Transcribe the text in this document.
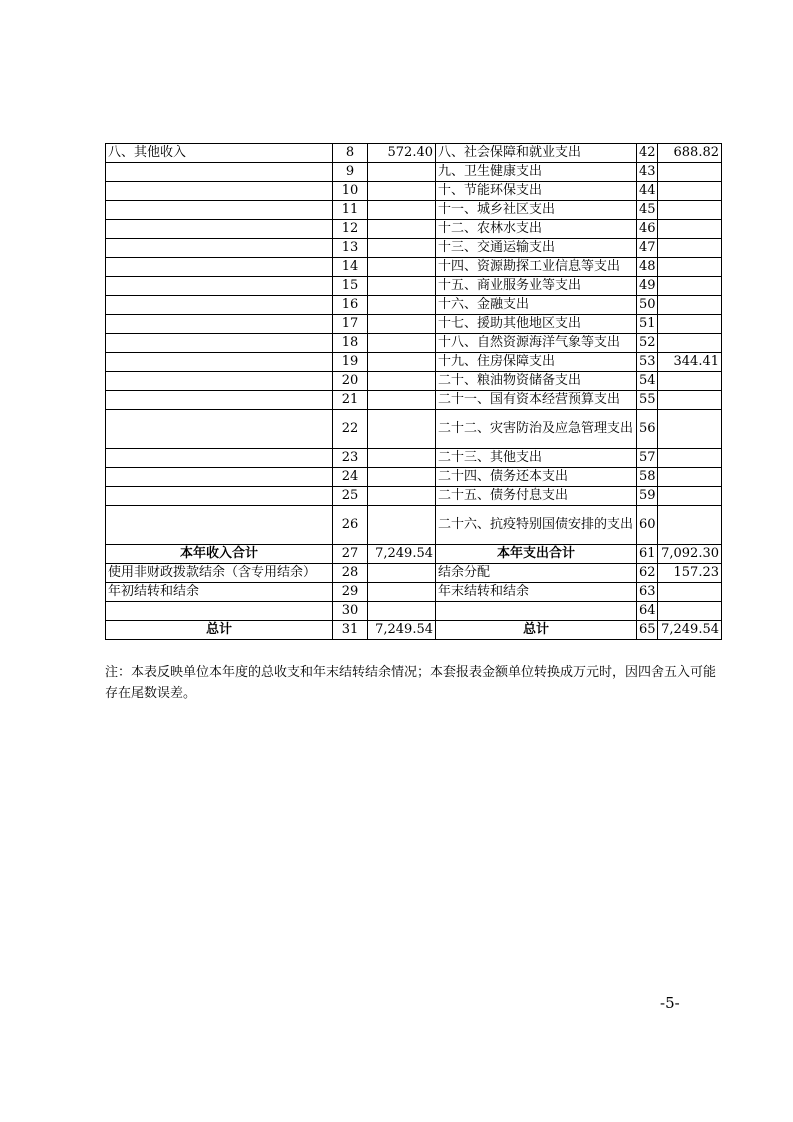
八、其他收入	8	572.40	八、社会保障和就业支出	42	688.82
	9		九、卫生健康支出	43	
	10		十、节能环保支出	44	
	11		十一、城乡社区支出	45	
	12		十二、农林水支出	46	
	13		十三、交通运输支出	47	
	14		十四、资源勘探工业信息等支出	48	
	15		十五、商业服务业等支出	49	
	16		十六、金融支出	50	
	17		十七、援助其他地区支出	51	
	18		十八、自然资源海洋气象等支出	52	
	19		十九、住房保障支出	53	344.41
	20		二十、粮油物资储备支出	54	
	21		二十一、国有资本经营预算支出	55	
	22		二十二、灾害防治及应急管理支出	56	
	23		二十三、其他支出	57	
	24		二十四、债务还本支出	58	
	25		二十五、债务付息支出	59	
	26		二十六、抗疫特别国债安排的支出	60	
本年收入合计	27	7,249.54	本年支出合计	61	7,092.30
使用非财政拨款结余（含专用结余）	28		结余分配	62	157.23
年初结转和结余	29		年末结转和结余	63	
	30			64	
总计	31	7,249.54	总计	65	7,249.54
注：本表反映单位本年度的总收支和年末结转结余情况；本套报表金额单位转换成万元时，因四舍五入可能存在尾数误差。
-5-
